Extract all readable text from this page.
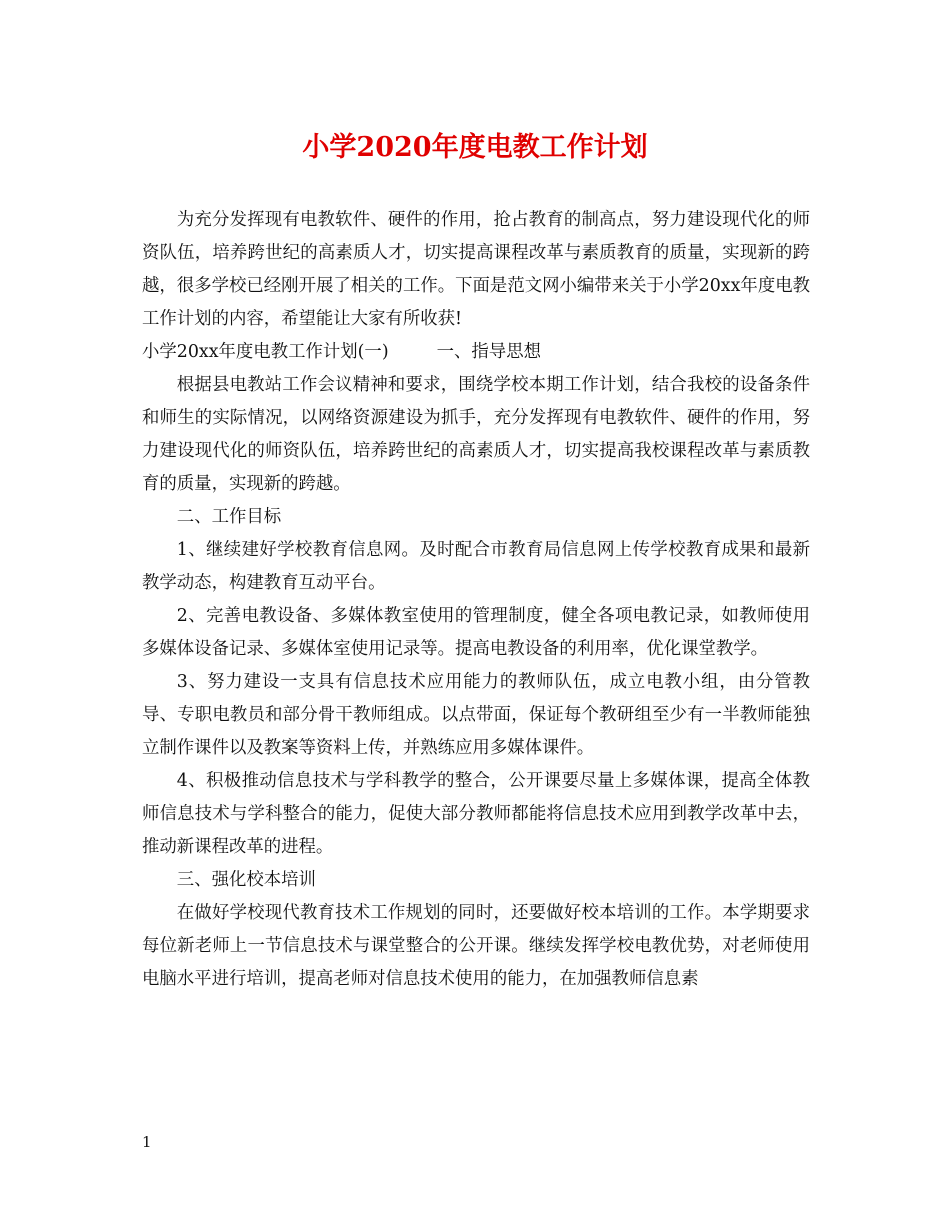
小学2020年度电教工作计划

为充分发挥现有电教软件、硬件的作用，抢占教育的制高点，努力建设现代化的师资队伍，培养跨世纪的高素质人才，切实提高课程改革与素质教育的质量，实现新的跨越，很多学校已经刚开展了相关的工作。下面是范文网小编带来关于小学20xx年度电教工作计划的内容，希望能让大家有所收获!

小学20xx年度电教工作计划(一)	一、指导思想

根据县电教站工作会议精神和要求，围绕学校本期工作计划，结合我校的设备条件和师生的实际情况，以网络资源建设为抓手，充分发挥现有电教软件、硬件的作用，努力建设现代化的师资队伍，培养跨世纪的高素质人才，切实提高我校课程改革与素质教育的质量，实现新的跨越。

二、工作目标

1、继续建好学校教育信息网。及时配合市教育局信息网上传学校教育成果和最新教学动态，构建教育互动平台。

2、完善电教设备、多媒体教室使用的管理制度，健全各项电教记录，如教师使用多媒体设备记录、多媒体室使用记录等。提高电教设备的利用率，优化课堂教学。

3、努力建设一支具有信息技术应用能力的教师队伍，成立电教小组，由分管教导、专职电教员和部分骨干教师组成。以点带面，保证每个教研组至少有一半教师能独立制作课件以及教案等资料上传，并熟练应用多媒体课件。

4、积极推动信息技术与学科教学的整合，公开课要尽量上多媒体课，提高全体教师信息技术与学科整合的能力，促使大部分教师都能将信息技术应用到教学改革中去，推动新课程改革的进程。

三、强化校本培训

在做好学校现代教育技术工作规划的同时，还要做好校本培训的工作。本学期要求每位新老师上一节信息技术与课堂整合的公开课。继续发挥学校电教优势，对老师使用电脑水平进行培训，提高老师对信息技术使用的能力，在加强教师信息素

1
